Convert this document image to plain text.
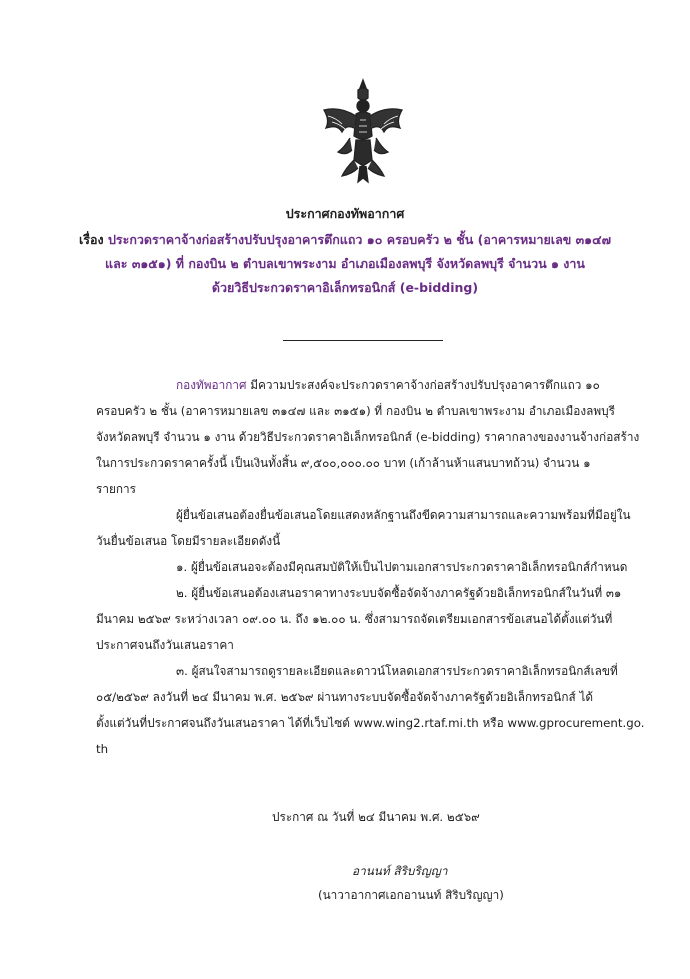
ประกาศกองทัพอากาศ
เรื่อง ประกวดราคาจ้างก่อสร้างปรับปรุงอาคารตึกแถว ๑๐ ครอบครัว ๒ ชั้น (อาคารหมายเลข ๓๑๔๗
และ ๓๑๕๑) ที่ กองบิน ๒ ตำบลเขาพระงาม อำเภอเมืองลพบุรี จังหวัดลพบุรี จำนวน ๑ งาน
ด้วยวิธีประกวดราคาอิเล็กทรอนิกส์ (e-bidding)
กองทัพอากาศ มีความประสงค์จะประกวดราคาจ้างก่อสร้างปรับปรุงอาคารตึกแถว ๑๐
ครอบครัว ๒ ชั้น (อาคารหมายเลข ๓๑๔๗ และ ๓๑๕๑) ที่ กองบิน ๒ ตำบลเขาพระงาม อำเภอเมืองลพบุรี
จังหวัดลพบุรี จำนวน ๑ งาน ด้วยวิธีประกวดราคาอิเล็กทรอนิกส์ (e-bidding) ราคากลางของงานจ้างก่อสร้าง
ในการประกวดราคาครั้งนี้ เป็นเงินทั้งสิ้น ๙,๕๐๐,๐๐๐.๐๐ บาท (เก้าล้านห้าแสนบาทถ้วน) จำนวน ๑
รายการ
ผู้ยื่นข้อเสนอต้องยื่นข้อเสนอโดยแสดงหลักฐานถึงขีดความสามารถและความพร้อมที่มีอยู่ใน
วันยื่นข้อเสนอ โดยมีรายละเอียดดังนี้
๑. ผู้ยื่นข้อเสนอจะต้องมีคุณสมบัติให้เป็นไปตามเอกสารประกวดราคาอิเล็กทรอนิกส์กำหนด
๒. ผู้ยื่นข้อเสนอต้องเสนอราคาทางระบบจัดซื้อจัดจ้างภาครัฐด้วยอิเล็กทรอนิกส์ในวันที่ ๓๑
มีนาคม ๒๕๖๙ ระหว่างเวลา ๐๙.๐๐ น. ถึง ๑๒.๐๐ น. ซึ่งสามารถจัดเตรียมเอกสารข้อเสนอได้ตั้งแต่วันที่
ประกาศจนถึงวันเสนอราคา
๓. ผู้สนใจสามารถดูรายละเอียดและดาวน์โหลดเอกสารประกวดราคาอิเล็กทรอนิกส์เลขที่
๐๕/๒๕๖๙ ลงวันที่ ๒๔ มีนาคม พ.ศ. ๒๕๖๙ ผ่านทางระบบจัดซื้อจัดจ้างภาครัฐด้วยอิเล็กทรอนิกส์ ได้
ตั้งแต่วันที่ประกาศจนถึงวันเสนอราคา ได้ที่เว็บไซต์ www.wing2.rtaf.mi.th หรือ www.gprocurement.go.
th
ประกาศ ณ วันที่ ๒๔ มีนาคม พ.ศ. ๒๕๖๙
อานนท์ สิริบริญญา
(นาวาอากาศเอกอานนท์ สิริบริญญา)
